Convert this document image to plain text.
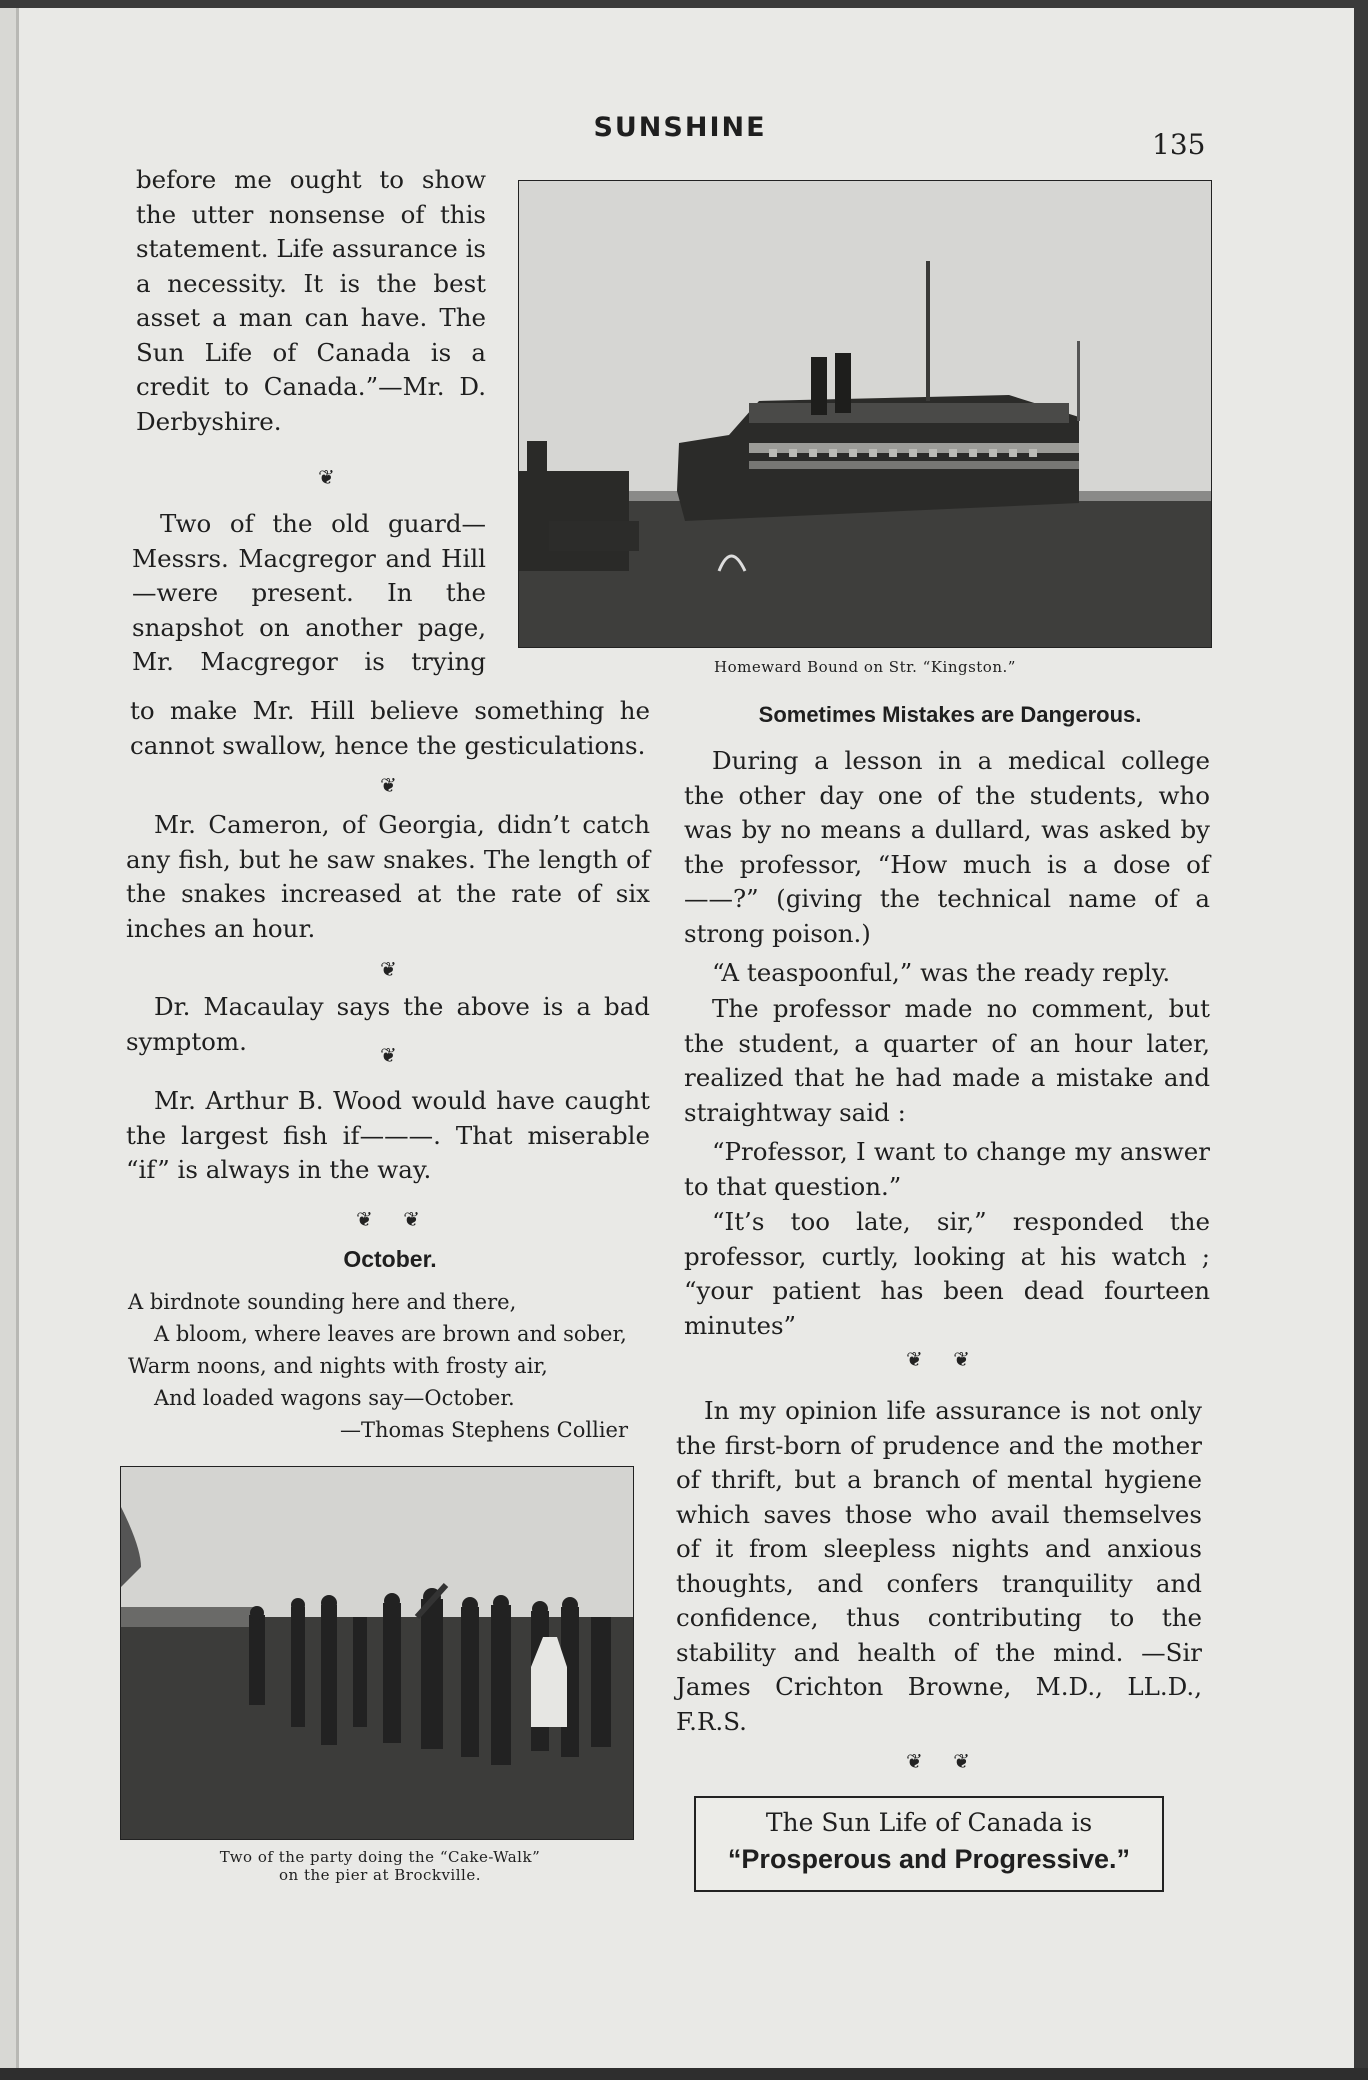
SUNSHINE
135

before me ought to show the utter nonsense of this statement. Life assurance is a necessity. It is the best asset a man can have. The Sun Life of Canada is a credit to Canada.”—Mr. D. Derbyshire.

❦

Two of the old guard—Messrs. Macgregor and Hill —were present. In the snapshot on another page, Mr. Macgregor is trying

to make Mr. Hill believe something he cannot swallow, hence the gesticulations.

❦

Mr. Cameron, of Georgia, didn’t catch any fish, but he saw snakes. The length of the snakes increased at the rate of six inches an hour.

❦

Dr. Macaulay says the above is a bad symptom.	❦

Mr. Arthur B. Wood would have caught the largest fish if———. That miserable “if” is always in the way.

❦ ❦
October.
A birdnote sounding here and there,
A bloom, where leaves are brown and sober,
Warm noons, and nights with frosty air,
And loaded wagons say—October.
—Thomas Stephens Collier
Two of the party doing the “Cake-Walk”
on the pier at Brockville.
Homeward Bound on Str. “Kingston.”
Sometimes Mistakes are Dangerous.

During a lesson in a medical college the other day one of the students, who was by no means a dullard, was asked by the professor, “How much is a dose of——?” (giving the technical name of a strong poison.)

“A teaspoonful,” was the ready reply.

The professor made no comment, but the student, a quarter of an hour later, realized that he had made a mistake and straightway said :

“Professor, I want to change my answer to that question.”

“It’s too late, sir,” responded the professor, curtly, looking at his watch ; “your patient has been dead fourteen minutes”

❦ ❦

In my opinion life assurance is not only the first-born of prudence and the mother of thrift, but a branch of mental hygiene which saves those who avail themselves of it from sleepless nights and anxious thoughts, and confers tranquility and confidence, thus contributing to the stability and health of the mind. —Sir James Crichton Browne, M.D., LL.D., F.R.S.

❦ ❦
The Sun Life of Canada is
“Prosperous and Progressive.”
